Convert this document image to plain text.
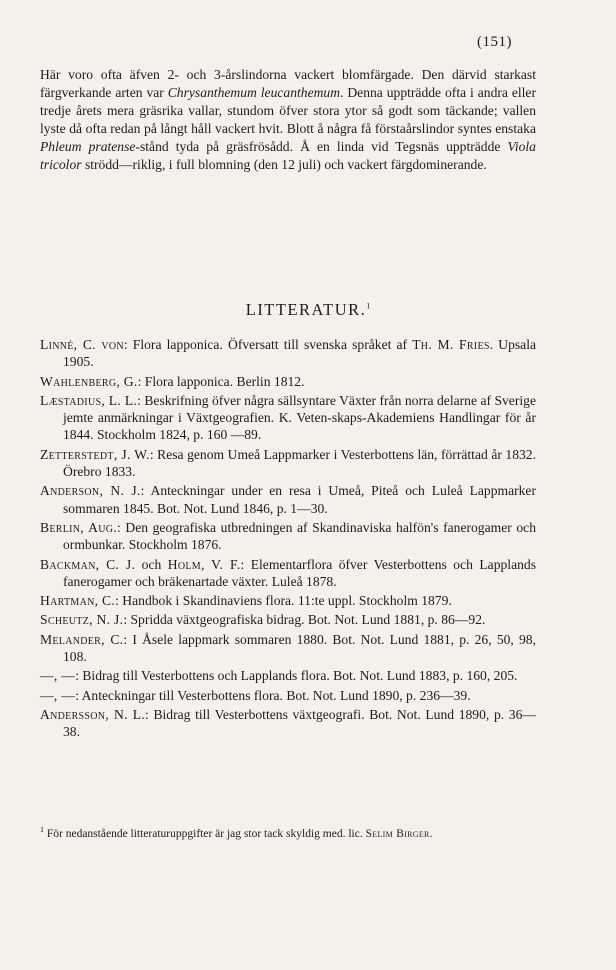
(151)

Här voro ofta äfven 2- och 3-årslindorna vackert blomfärgade. Den därvid starkast färgverkande arten var Chrysanthemum leucanthemum. Denna uppträdde ofta i andra eller tredje årets mera gräsrika vallar, stundom öfver stora ytor så godt som täckande; vallen lyste då ofta redan på långt håll vackert hvit. Blott å några få förstaårslindor syntes enstaka Phleum pratense-stånd tyda på gräsfrösådd. Å en linda vid Tegsnäs uppträdde Viola tricolor strödd—riklig, i full blomning (den 12 juli) och vackert färgdominerande.

LITTERATUR.$^1$
Linné, C. von: Flora lapponica. Öfversatt till svenska språket af Th. M. Fries. Upsala 1905.
Wahlenberg, G.: Flora lapponica. Berlin 1812.
Læstadius, L. L.: Beskrifning öfver några sällsyntare Växter från norra delarne af Sverige jemte anmärkningar i Växtgeografien. K. Veten-skaps-Akademiens Handlingar för år 1844. Stockholm 1824, p. 160 —89.
Zetterstedt, J. W.: Resa genom Umeå Lappmarker i Vesterbottens län, förrättad år 1832. Örebro 1833.
Anderson, N. J.: Anteckningar under en resa i Umeå, Piteå och Luleå Lappmarker sommaren 1845. Bot. Not. Lund 1846, p. 1—30.
Berlin, Aug.: Den geografiska utbredningen af Skandinaviska halfön's fanerogamer och ormbunkar. Stockholm 1876.
Backman, C. J. och Holm, V. F.: Elementarflora öfver Vesterbottens och Lapplands fanerogamer och bräkenartade växter. Luleå 1878.
Hartman, C.: Handbok i Skandinaviens flora. 11:te uppl. Stockholm 1879.
Scheutz, N. J.: Spridda växtgeografiska bidrag. Bot. Not. Lund 1881, p. 86—92.
Melander, C.: I Åsele lappmark sommaren 1880. Bot. Not. Lund 1881, p. 26, 50, 98, 108.
—, —: Bidrag till Vesterbottens och Lapplands flora. Bot. Not. Lund 1883, p. 160, 205.
—, —: Anteckningar till Vesterbottens flora. Bot. Not. Lund 1890, p. 236—39.
Andersson, N. L.: Bidrag till Vesterbottens växtgeografi. Bot. Not. Lund 1890, p. 36—38.
$^1$ För nedanstående litteraturuppgifter är jag stor tack skyldig med. lic. Selim Birger.
